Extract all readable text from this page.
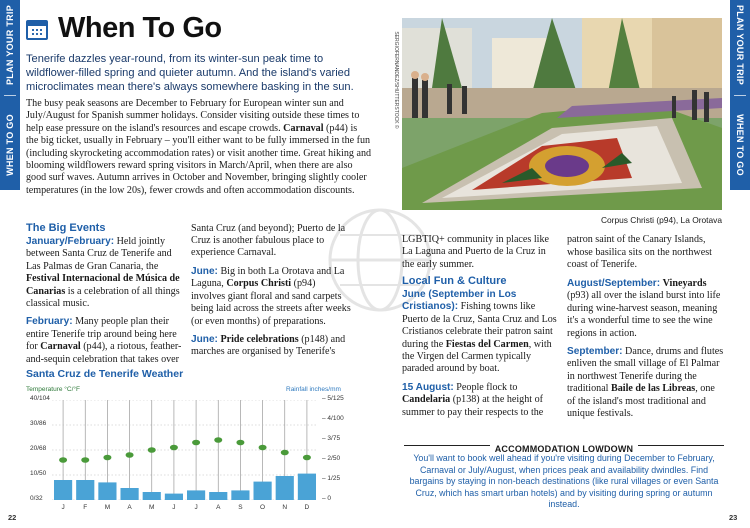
PLAN YOUR TRIP
WHEN TO GO
PLAN YOUR TRIP
WHEN TO GO
When To Go

Tenerife dazzles year-round, from its winter-sun peak time to wildflower-filled spring and quieter autumn. And the island's varied microclimates mean there's always somewhere basking in the sun.

The busy peak seasons are December to February for European winter sun and July/August for Spanish summer holidays. Consider visiting outside these times to help ease pressure on the island's resources and escape crowds. Carnaval (p44) is the big ticket, usually in February – you'll either want to be fully immersed in the fun (including skyrocketing accommodation rates) or visit another time. Great hiking and blooming wildflowers reward spring visitors in March/April, when there are also good surf waves. Autumn arrives in October and November, bringing slightly cooler temperatures (in the low 20s), fewer crowds and often accommodation discounts.

The Big Events

January/February: Held jointly between Santa Cruz de Tenerife and Las Palmas de Gran Canaria, the Festival Internacional de Música de Canarias is a celebration of all things classical music.

February: Many people plan their entire Tenerife trip around being here for Carnaval (p44), a riotous, feather-and-sequin celebration that takes over

Santa Cruz (and beyond); Puerto de la Cruz is another fabulous place to experience Carnaval.

June: Big in both La Orotava and La Laguna, Corpus Christi (p94) involves giant floral and sand carpets being laid across the streets after weeks (or even months) of preparations.

June: Pride celebrations (p148) and marches are organised by Tenerife's

LGBTIQ+ community in places like La Laguna and Puerto de la Cruz in the early summer.

Local Fun & Culture

June (September in Los Cristianos): Fishing towns like Puerto de la Cruz, Santa Cruz and Los Cristianos celebrate their patron saint during the Fiestas del Carmen, with the Virgen del Carmen typically paraded around by boat.

15 August: People flock to Candelaria (p138) at the height of summer to pay their respects to the

patron saint of the Canary Islands, whose basilica sits on the northwest coast of Tenerife.

August/September: Vineyards (p93) all over the island burst into life during wine-harvest season, meaning it's a wonderful time to see the wine regions in action.

September: Dance, drums and flutes enliven the small village of El Palmar in northwest Tenerife during the traditional Baile de las Libreas, one of the island's most traditional and unique festivals.

SERGIOFERNANDEZ/SHUTTERSTOCK ©
Corpus Christi (p94), La Orotava
Santa Cruz de Tenerife Weather
Temperature °C/°F	Rainfall inches/mm
40/104
30/86
20/68
10/50
0/32
– 5/125
– 4/100
– 3/75
– 2/50
– 1/25
– 0
J	F	M	A	M	J	J	A	S	O	N	D
ACCOMMODATION LOWDOWN
You'll want to book well ahead if you're visiting during December to February, Carnaval or July/August, when prices peak and availability dwindles. Find bargains by staying in non-beach destinations (like rural villages or even Santa Cruz, which has smart urban hotels) and by visiting during spring or autumn instead.
22	23
